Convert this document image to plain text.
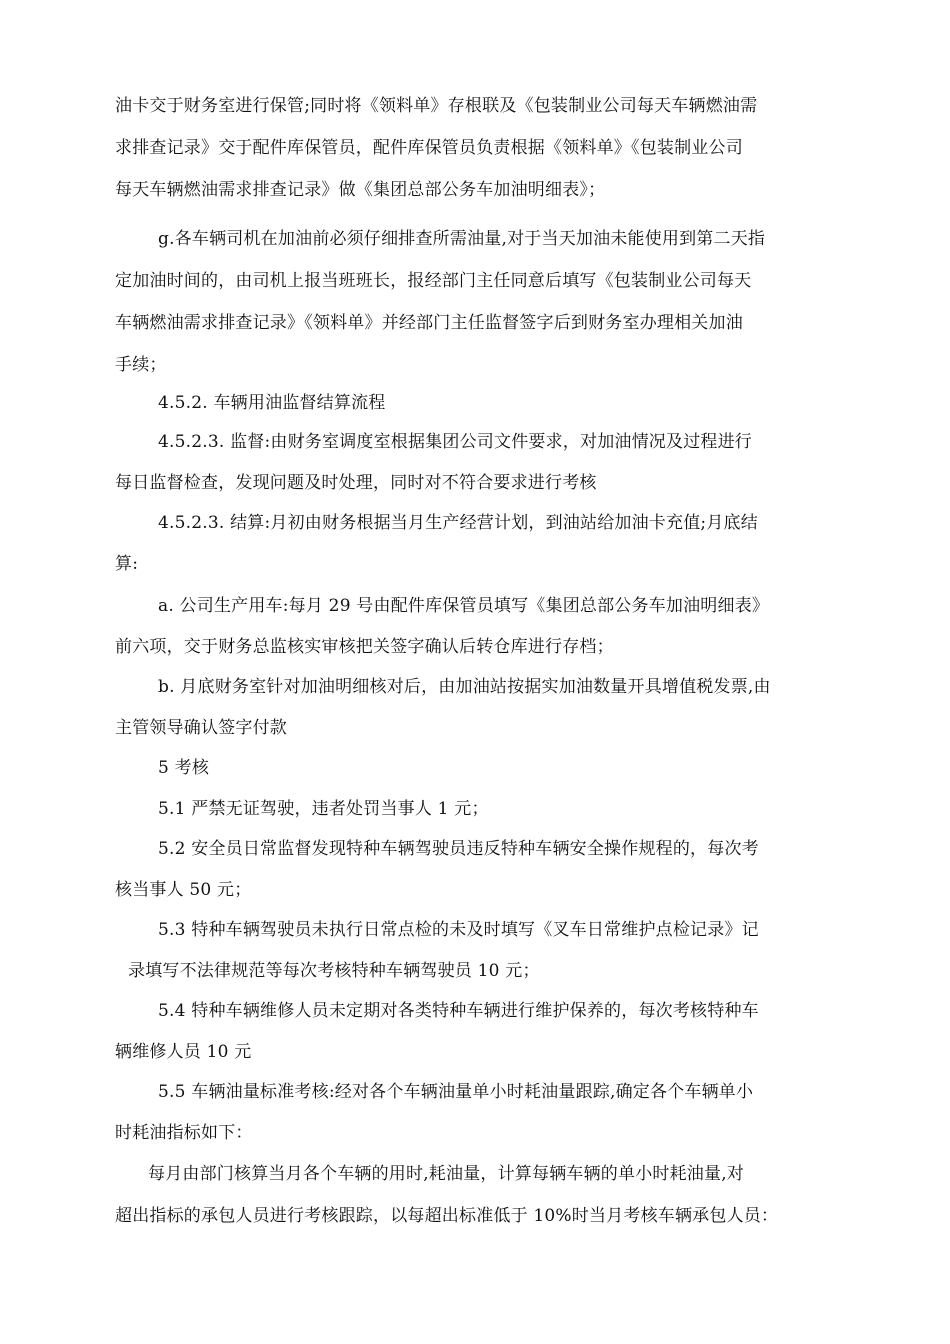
油卡交于财务室进行保管;同时将《领料单》存根联及《包装制业公司每天车辆燃油需
求排查记录》交于配件库保管员，配件库保管员负责根据《领料单》《包装制业公司
每天车辆燃油需求排查记录》做《集团总部公务车加油明细表》；
g.各车辆司机在加油前必须仔细排查所需油量,对于当天加油未能使用到第二天指
定加油时间的，由司机上报当班班长，报经部门主任同意后填写《包装制业公司每天
车辆燃油需求排查记录》《领料单》并经部门主任监督签字后到财务室办理相关加油
手续；
4.5.2. 车辆用油监督结算流程
4.5.2.3. 监督:由财务室调度室根据集团公司文件要求，对加油情况及过程进行
每日监督检查，发现问题及时处理，同时对不符合要求进行考核
4.5.2.3. 结算:月初由财务根据当月生产经营计划，到油站给加油卡充值;月底结
算:
a. 公司生产用车:每月 29 号由配件库保管员填写《集团总部公务车加油明细表》
前六项，交于财务总监核实审核把关签字确认后转仓库进行存档；
b. 月底财务室针对加油明细核对后，由加油站按据实加油数量开具增值税发票,由
主管领导确认签字付款
5 考核
5.1 严禁无证驾驶，违者处罚当事人 1 元；
5.2 安全员日常监督发现特种车辆驾驶员违反特种车辆安全操作规程的，每次考
核当事人 50 元；
5.3 特种车辆驾驶员未执行日常点检的未及时填写《叉车日常维护点检记录》记
录填写不法律规范等每次考核特种车辆驾驶员 10 元；
5.4 特种车辆维修人员未定期对各类特种车辆进行维护保养的，每次考核特种车
辆维修人员 10 元
5.5 车辆油量标准考核:经对各个车辆油量单小时耗油量跟踪,确定各个车辆单小
时耗油指标如下：
每月由部门核算当月各个车辆的用时,耗油量，计算每辆车辆的单小时耗油量,对
超出指标的承包人员进行考核跟踪，以每超出标准低于 10%时当月考核车辆承包人员：
